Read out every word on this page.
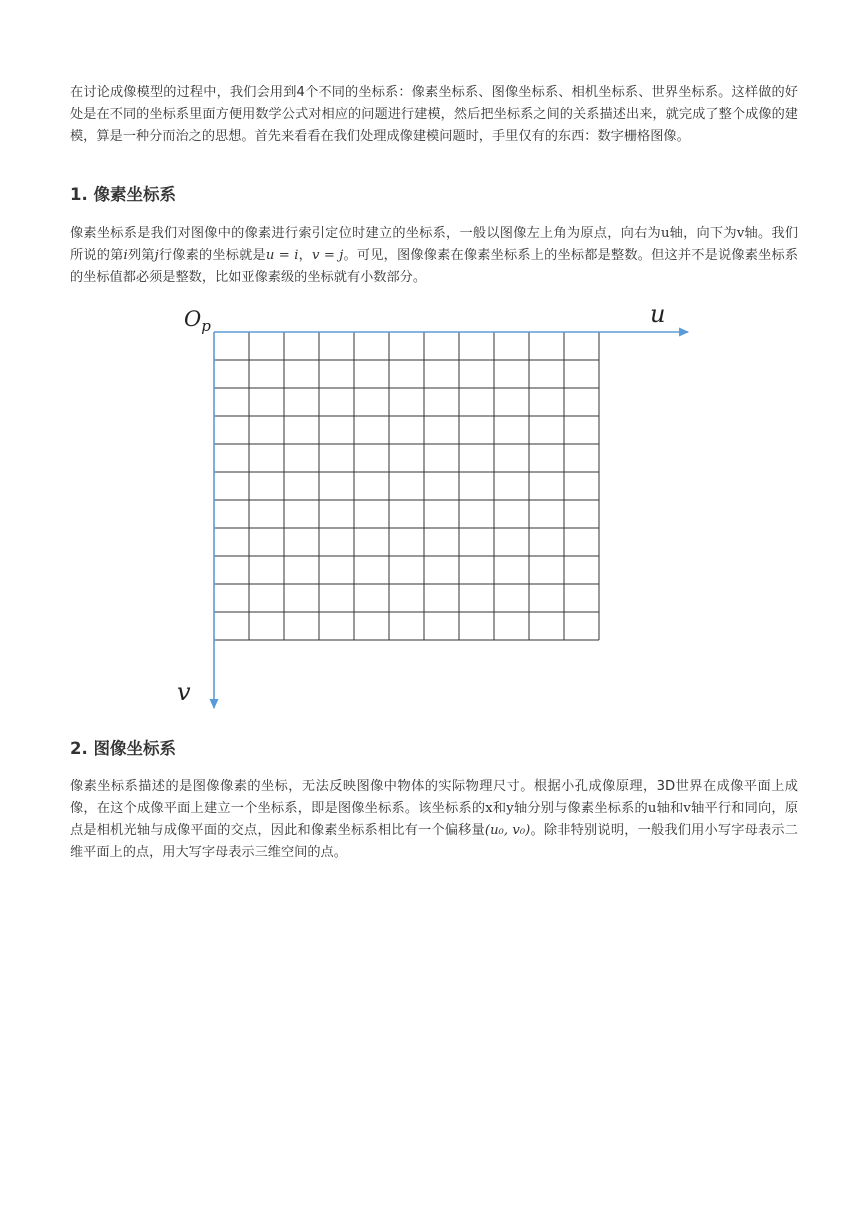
在讨论成像模型的过程中，我们会用到4个不同的坐标系：像素坐标系、图像坐标系、相机坐标系、世界坐标系。这样做的好处是在不同的坐标系里面方便用数学公式对相应的问题进行建模，然后把坐标系之间的关系描述出来，就完成了整个成像的建模，算是一种分而治之的思想。首先来看看在我们处理成像建模问题时，手里仅有的东西：数字栅格图像。

1. 像素坐标系

像素坐标系是我们对图像中的像素进行索引定位时建立的坐标系，一般以图像左上角为原点，向右为u轴，向下为v轴。我们所说的第i列第j行像素的坐标就是u = i，v = j。可见，图像像素在像素坐标系上的坐标都是整数。但这并不是说像素坐标系的坐标值都必须是整数，比如亚像素级的坐标就有小数部分。

$O_p$	u
v
2. 图像坐标系

像素坐标系描述的是图像像素的坐标，无法反映图像中物体的实际物理尺寸。根据小孔成像原理，3D世界在成像平面上成像，在这个成像平面上建立一个坐标系，即是图像坐标系。该坐标系的x和y轴分别与像素坐标系的u轴和v轴平行和同向，原点是相机光轴与成像平面的交点，因此和像素坐标系相比有一个偏移量(u₀, v₀)。除非特别说明，一般我们用小写字母表示二维平面上的点，用大写字母表示三维空间的点。
